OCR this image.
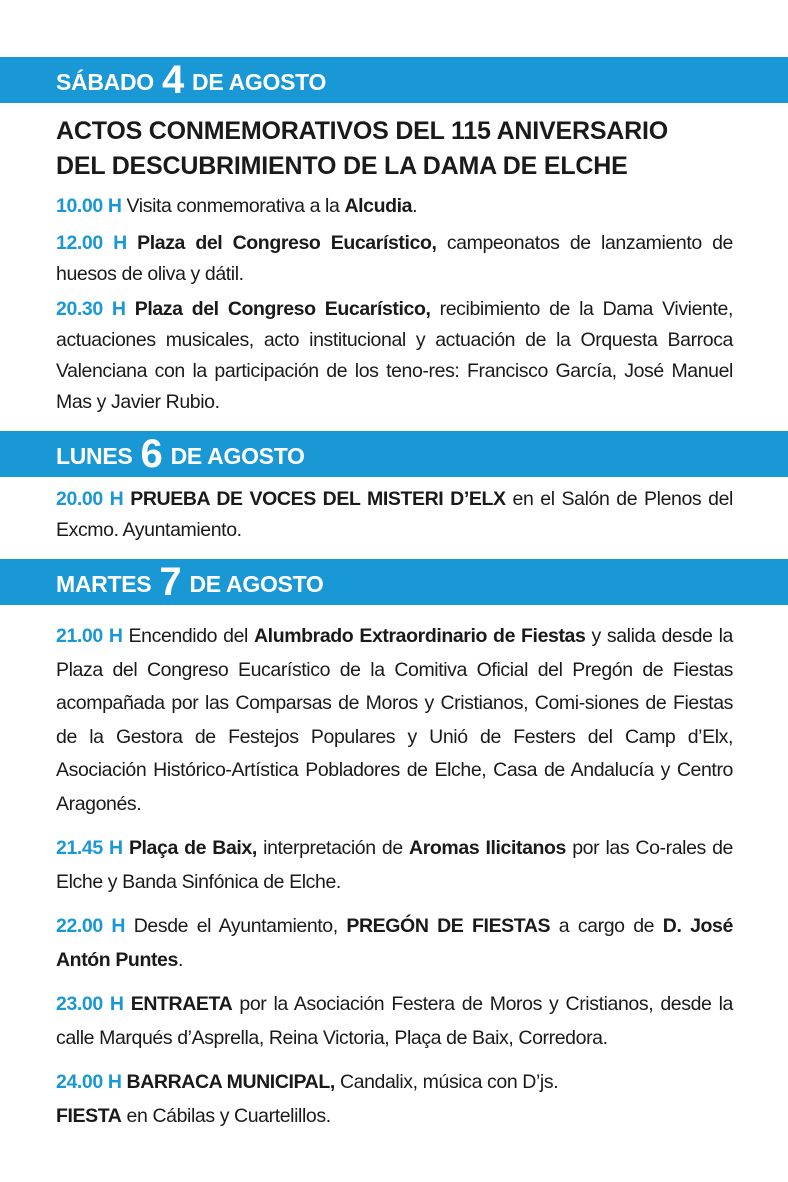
SÁBADO 4 DE AGOSTO
ACTOS CONMEMORATIVOS DEL 115 ANIVERSARIO
DEL DESCUBRIMIENTO DE LA DAMA DE ELCHE
10.00 H Visita conmemorativa a la Alcudia.
12.00 H Plaza del Congreso Eucarístico, campeonatos de lanzamiento de huesos de oliva y dátil.
20.30 H Plaza del Congreso Eucarístico, recibimiento de la Dama Viviente, actuaciones musicales, acto institucional y actuación de la Orquesta Barroca Valenciana con la participación de los teno-res: Francisco García, José Manuel Mas y Javier Rubio.
LUNES 6 DE AGOSTO
20.00 H PRUEBA DE VOCES DEL MISTERI D’ELX en el Salón de Plenos del Excmo. Ayuntamiento.
MARTES 7 DE AGOSTO
21.00 H Encendido del Alumbrado Extraordinario de Fiestas y salida desde la Plaza del Congreso Eucarístico de la Comitiva Oficial del Pregón de Fiestas acompañada por las Comparsas de Moros y Cristianos, Comi-siones de Fiestas de la Gestora de Festejos Populares y Unió de Festers del Camp d’Elx, Asociación Histórico-Artística Pobladores de Elche, Casa de Andalucía y Centro Aragonés.
21.45 H Plaça de Baix, interpretación de Aromas Ilicitanos por las Co-rales de Elche y Banda Sinfónica de Elche.
22.00 H Desde el Ayuntamiento, PREGÓN DE FIESTAS a cargo de D. José Antón Puntes.
23.00 H ENTRAETA por la Asociación Festera de Moros y Cristianos, desde la calle Marqués d’Asprella, Reina Victoria, Plaça de Baix, Corredora.
24.00 H BARRACA MUNICIPAL, Candalix, música con D’js.
FIESTA en Cábilas y Cuartelillos.
